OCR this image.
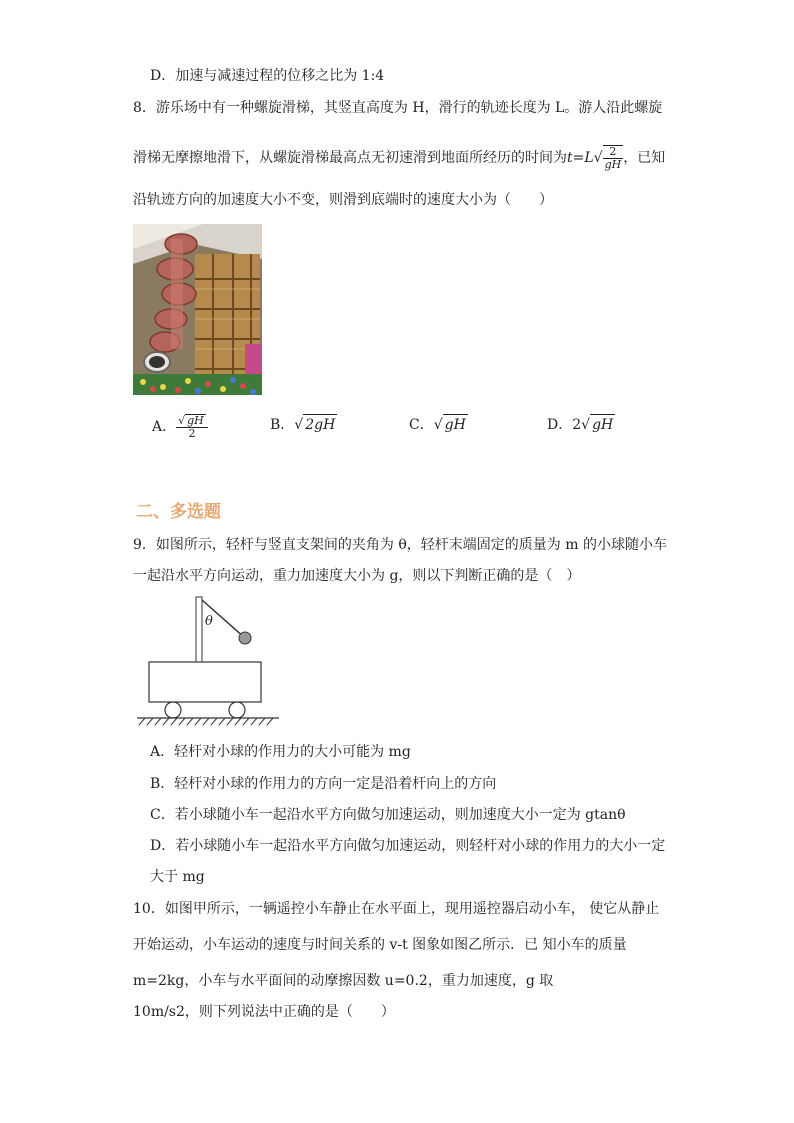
D．加速与减速过程的位移之比为 1:4
8．游乐场中有一种螺旋滑梯，其竖直高度为 H，滑行的轨迹长度为 L。游人沿此螺旋
滑梯无摩擦地滑下，从螺旋滑梯最高点无初速滑到地面所经历的时间为$t=L√ \frac{2}{gH}$ ，已知
沿轨迹方向的加速度大小不变，则滑到底端时的速度大小为（　　）
A． $\frac{√ gH}{2}$	B．√ 2gH	C．√ gH	D．2√ gH
二、多选题
9．如图所示，轻杆与竖直支架间的夹角为 θ，轻杆末端固定的质量为 m 的小球随小车
一起沿水平方向运动，重力加速度大小为 g，则以下判断正确的是（　）
θ
A．轻杆对小球的作用力的大小可能为 mg
B．轻杆对小球的作用力的方向一定是沿着杆向上的方向
C．若小球随小车一起沿水平方向做匀加速运动，则加速度大小一定为 gtanθ
D．若小球随小车一起沿水平方向做匀加速运动，则轻杆对小球的作用力的大小一定
大于 mg
10．如图甲所示，一辆遥控小车静止在水平面上，现用遥控器启动小车， 使它从静止
开始运动，小车运动的速度与时间关系的 v-t 图象如图乙所示．已 知小车的质量
m=2kg，小车与水平面间的动摩擦因数 u=0.2，重力加速度，g 取
10m/s2，则下列说法中正确的是（　　）
